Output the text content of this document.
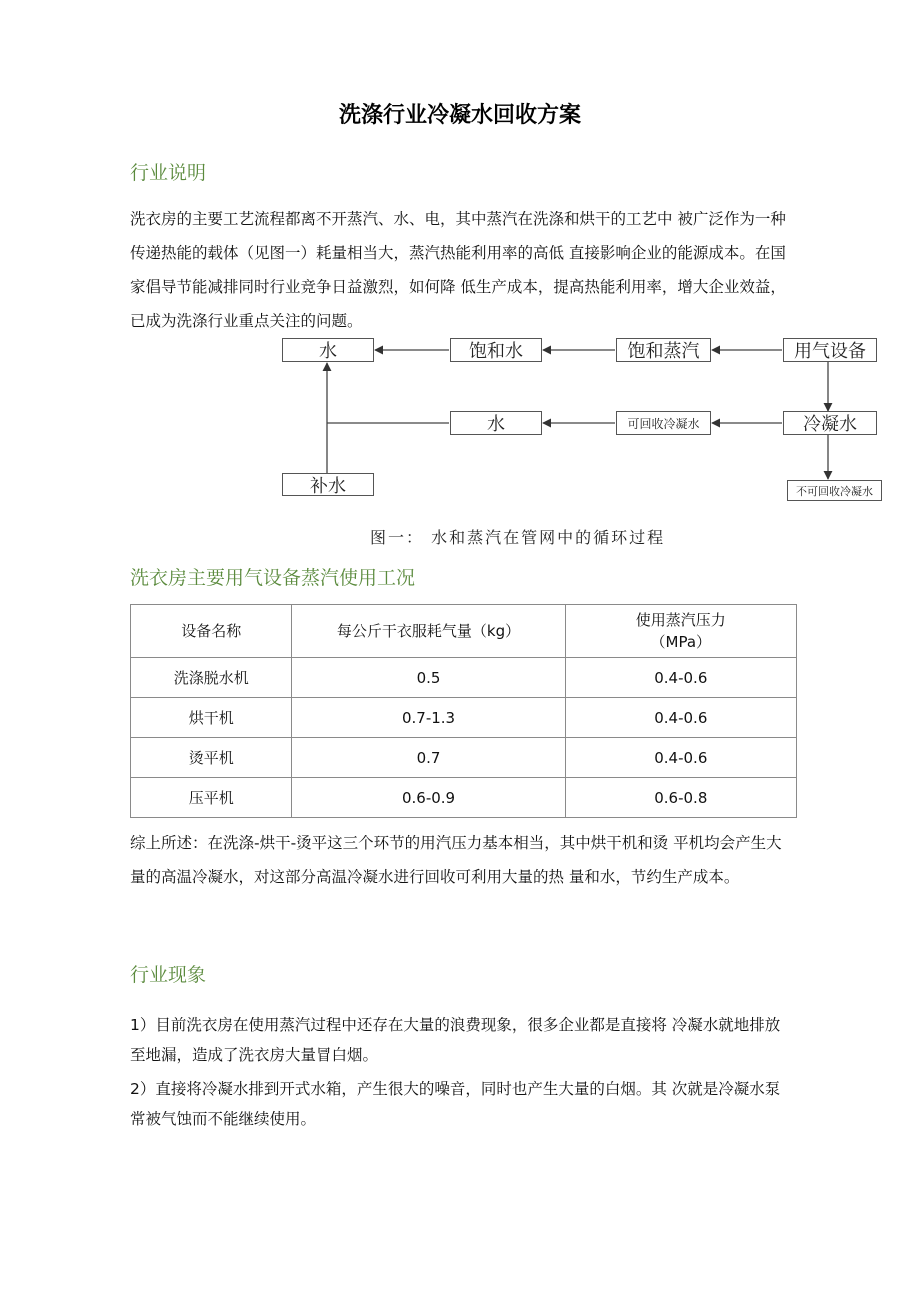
洗涤行业冷凝水回收方案
行业说明

洗衣房的主要工艺流程都离不开蒸汽、水、电，其中蒸汽在洗涤和烘干的工艺中 被广泛作为一种传递热能的载体（见图一）耗量相当大，蒸汽热能利用率的高低 直接影响企业的能源成本。在国家倡导节能减排同时行业竞争日益激烈，如何降 低生产成本，提高热能利用率，增大企业效益，已成为洗涤行业重点关注的问题。

水	饱和水	饱和蒸汽	用气设备
水	可回收冷凝水	冷凝水
补水	不可回收冷凝水
图一： 水和蒸汽在管网中的循环过程
洗衣房主要用气设备蒸汽使用工况
设备名称	每公斤干衣服耗气量（kg）	使用蒸汽压力
（MPa）

洗涤脱水机	0.5	0.4-0.6
烘干机	0.7-1.3	0.4-0.6
烫平机	0.7	0.4-0.6
压平机	0.6-0.9	0.6-0.8

综上所述：在洗涤-烘干-烫平这三个环节的用汽压力基本相当，其中烘干机和烫 平机均会产生大量的高温冷凝水，对这部分高温冷凝水进行回收可利用大量的热 量和水，节约生产成本。

行业现象

1）目前洗衣房在使用蒸汽过程中还存在大量的浪费现象，很多企业都是直接将 冷凝水就地排放至地漏，造成了洗衣房大量冒白烟。

2）直接将冷凝水排到开式水箱，产生很大的噪音，同时也产生大量的白烟。其 次就是冷凝水泵常被气蚀而不能继续使用。
